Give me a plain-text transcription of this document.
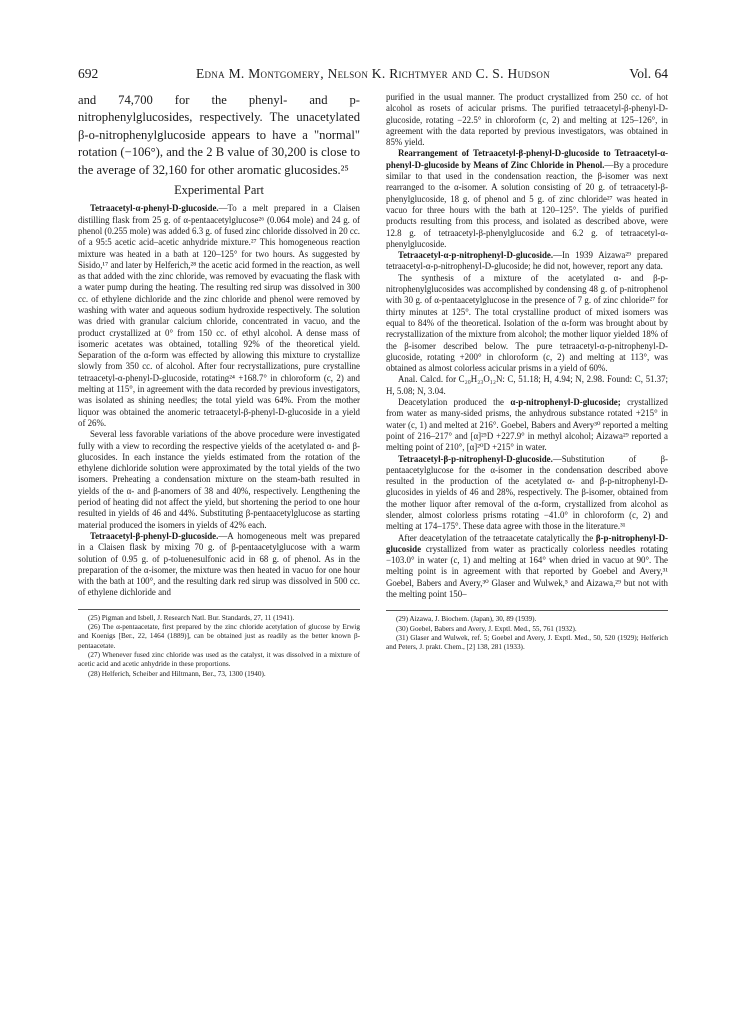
692	Edna M. Montgomery, Nelson K. Richtmyer and C. S. Hudson	Vol. 64

and 74,700 for the phenyl- and p-nitrophenylglucosides, respectively. The unacetylated β-o-nitrophenylglucoside appears to have a "normal" rotation (−106°), and the 2 B value of 30,200 is close to the average of 32,160 for other aromatic glucosides.²⁵

Experimental Part

Tetraacetyl-α-phenyl-D-glucoside.—To a melt prepared in a Claisen distilling flask from 25 g. of α-pentaacetylglucose²⁶ (0.064 mole) and 24 g. of phenol (0.255 mole) was added 6.3 g. of fused zinc chloride dissolved in 20 cc. of a 95:5 acetic acid–acetic anhydride mixture.²⁷ This homogeneous reaction mixture was heated in a bath at 120–125° for two hours. As suggested by Sisido,¹⁷ and later by Helferich,²⁸ the acetic acid formed in the reaction, as well as that added with the zinc chloride, was removed by evacuating the flask with a water pump during the heating. The resulting red sirup was dissolved in 300 cc. of ethylene dichloride and the zinc chloride and phenol were removed by washing with water and aqueous sodium hydroxide respectively. The solution was dried with granular calcium chloride, concentrated in vacuo, and the product crystallized at 0° from 150 cc. of ethyl alcohol. A dense mass of isomeric acetates was obtained, totalling 92% of the theoretical yield. Separation of the α-form was effected by allowing this mixture to crystallize slowly from 350 cc. of alcohol. After four recrystallizations, pure crystalline tetraacetyl-α-phenyl-D-glucoside, rotating²⁴ +168.7° in chloroform (c, 2) and melting at 115°, in agreement with the data recorded by previous investigators, was isolated as shining needles; the total yield was 64%. From the mother liquor was obtained the anomeric tetraacetyl-β-phenyl-D-glucoside in a yield of 26%.

Several less favorable variations of the above procedure were investigated fully with a view to recording the respective yields of the acetylated α- and β-glucosides. In each instance the yields estimated from the rotation of the ethylene dichloride solution were approximated by the total yields of the two isomers. Preheating a condensation mixture on the steam-bath resulted in yields of the α- and β-anomers of 38 and 40%, respectively. Lengthening the period of heating did not affect the yield, but shortening the period to one hour resulted in yields of 46 and 44%. Substituting β-pentaacetylglucose as starting material produced the isomers in yields of 42% each.

Tetraacetyl-β-phenyl-D-glucoside.—A homogeneous melt was prepared in a Claisen flask by mixing 70 g. of β-pentaacetylglucose with a warm solution of 0.95 g. of p-toluenesulfonic acid in 68 g. of phenol. As in the preparation of the α-isomer, the mixture was then heated in vacuo for one hour with the bath at 100°, and the resulting dark red sirup was dissolved in 500 cc. of ethylene dichloride and

(25) Pigman and Isbell, J. Research Natl. Bur. Standards, 27, 11 (1941).

(26) The α-pentaacetate, first prepared by the zinc chloride acetylation of glucose by Erwig and Koenigs [Ber., 22, 1464 (1889)], can be obtained just as readily as the better known β-pentaacetate.

(27) Whenever fused zinc chloride was used as the catalyst, it was dissolved in a mixture of acetic acid and acetic anhydride in these proportions.

(28) Helferich, Scheiber and Hiltmann, Ber., 73, 1300 (1940).

purified in the usual manner. The product crystallized from 250 cc. of hot alcohol as rosets of acicular prisms. The purified tetraacetyl-β-phenyl-D-glucoside, rotating −22.5° in chloroform (c, 2) and melting at 125–126°, in agreement with the data reported by previous investigators, was obtained in 85% yield.

Rearrangement of Tetraacetyl-β-phenyl-D-glucoside to Tetraacetyl-α-phenyl-D-glucoside by Means of Zinc Chloride in Phenol.—By a procedure similar to that used in the condensation reaction, the β-isomer was next rearranged to the α-isomer. A solution consisting of 20 g. of tetraacetyl-β-phenylglucoside, 18 g. of phenol and 5 g. of zinc chloride²⁷ was heated in vacuo for three hours with the bath at 120–125°. The yields of purified products resulting from this process, and isolated as described above, were 12.8 g. of tetraacetyl-β-phenylglucoside and 6.2 g. of tetraacetyl-α-phenylglucoside.

Tetraacetyl-α-p-nitrophenyl-D-glucoside.—In 1939 Aizawa²⁹ prepared tetraacetyl-α-p-nitrophenyl-D-glucoside; he did not, however, report any data.

The synthesis of a mixture of the acetylated α- and β-p-nitrophenylglucosides was accomplished by condensing 48 g. of p-nitrophenol with 30 g. of α-pentaacetylglucose in the presence of 7 g. of zinc chloride²⁷ for thirty minutes at 125°. The total crystalline product of mixed isomers was equal to 84% of the theoretical. Isolation of the α-form was brought about by recrystallization of the mixture from alcohol; the mother liquor yielded 18% of the β-isomer described below. The pure tetraacetyl-α-p-nitrophenyl-D-glucoside, rotating +200° in chloroform (c, 2) and melting at 113°, was obtained as almost colorless acicular prisms in a yield of 60%.

Anal. Calcd. for C₂₀H₂₃O₁₂N: C, 51.18; H, 4.94; N, 2.98. Found: C, 51.37; H, 5.08; N, 3.04.

Deacetylation produced the α-p-nitrophenyl-D-glucoside; crystallized from water as many-sided prisms, the anhydrous substance rotated +215° in water (c, 1) and melted at 216°. Goebel, Babers and Avery³⁰ reported a melting point of 216–217° and [α]²⁵D +227.9° in methyl alcohol; Aizawa²⁹ reported a melting point of 210°, [α]²⁰D +215° in water.

Tetraacetyl-β-p-nitrophenyl-D-glucoside.—Substitution of β-pentaacetylglucose for the α-isomer in the condensation described above resulted in the production of the acetylated α- and β-p-nitrophenyl-D-glucosides in yields of 46 and 28%, respectively. The β-isomer, obtained from the mother liquor after removal of the α-form, crystallized from alcohol as slender, almost colorless prisms rotating −41.0° in chloroform (c, 2) and melting at 174–175°. These data agree with those in the literature.³¹

After deacetylation of the tetraacetate catalytically the β-p-nitrophenyl-D-glucoside crystallized from water as practically colorless needles rotating −103.0° in water (c, 1) and melting at 164° when dried in vacuo at 90°. The melting point is in agreement with that reported by Goebel and Avery,³¹ Goebel, Babers and Avery,³⁰ Glaser and Wulwek,⁵ and Aizawa,²⁹ but not with the melting point 150–

(29) Aizawa, J. Biochem. (Japan), 30, 89 (1939).

(30) Goebel, Babers and Avery, J. Exptl. Med., 55, 761 (1932).

(31) Glaser and Wulwek, ref. 5; Goebel and Avery, J. Exptl. Med., 50, 520 (1929); Helferich and Peters, J. prakt. Chem., [2] 138, 281 (1933).
